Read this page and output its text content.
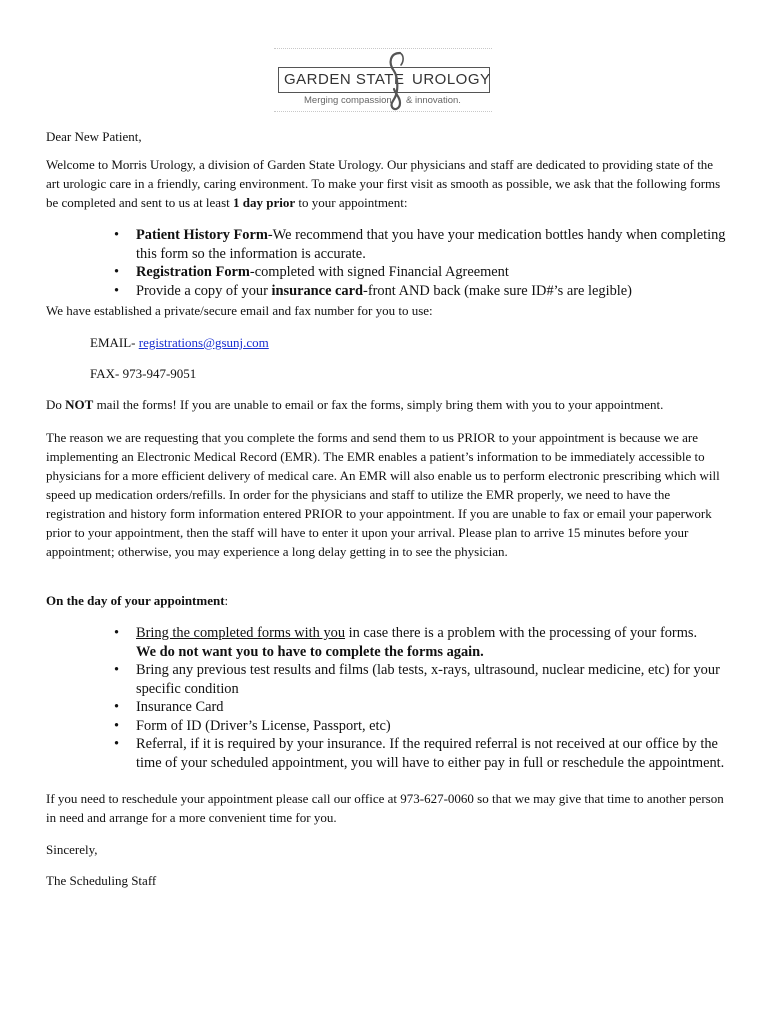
GARDEN STATE UROLOGY
Merging compassion & innovation.

Dear New Patient,

Welcome to Morris Urology, a division of Garden State Urology. Our physicians and staff are dedicated to providing state of the art urologic care in a friendly, caring environment. To make your first visit as smooth as possible, we ask that the following forms be completed and sent to us at least 1 day prior to your appointment:

• Patient History Form-We recommend that you have your medication bottles handy when completing this form so the information is accurate.
• Registration Form-completed with signed Financial Agreement
• Provide a copy of your insurance card-front AND back (make sure ID#’s are legible)

We have established a private/secure email and fax number for you to use:

EMAIL- registrations@gsunj.com

FAX- 973-947-9051

Do NOT mail the forms! If you are unable to email or fax the forms, simply bring them with you to your appointment.

The reason we are requesting that you complete the forms and send them to us PRIOR to your appointment is because we are implementing an Electronic Medical Record (EMR). The EMR enables a patient’s information to be immediately accessible to physicians for a more efficient delivery of medical care. An EMR will also enable us to perform electronic prescribing which will speed up medication orders/refills. In order for the physicians and staff to utilize the EMR properly, we need to have the registration and history form information entered PRIOR to your appointment. If you are unable to fax or email your paperwork prior to your appointment, then the staff will have to enter it upon your arrival. Please plan to arrive 15 minutes before your appointment; otherwise, you may experience a long delay getting in to see the physician.

On the day of your appointment:

• Bring the completed forms with you in case there is a problem with the processing of your forms.
We do not want you to have to complete the forms again.
• Bring any previous test results and films (lab tests, x-rays, ultrasound, nuclear medicine, etc) for your specific condition
• Insurance Card
• Form of ID (Driver’s License, Passport, etc)
• Referral, if it is required by your insurance. If the required referral is not received at our office by the time of your scheduled appointment, you will have to either pay in full or reschedule the appointment.

If you need to reschedule your appointment please call our office at 973-627-0060 so that we may give that time to another person in need and arrange for a more convenient time for you.

Sincerely,

The Scheduling Staff
